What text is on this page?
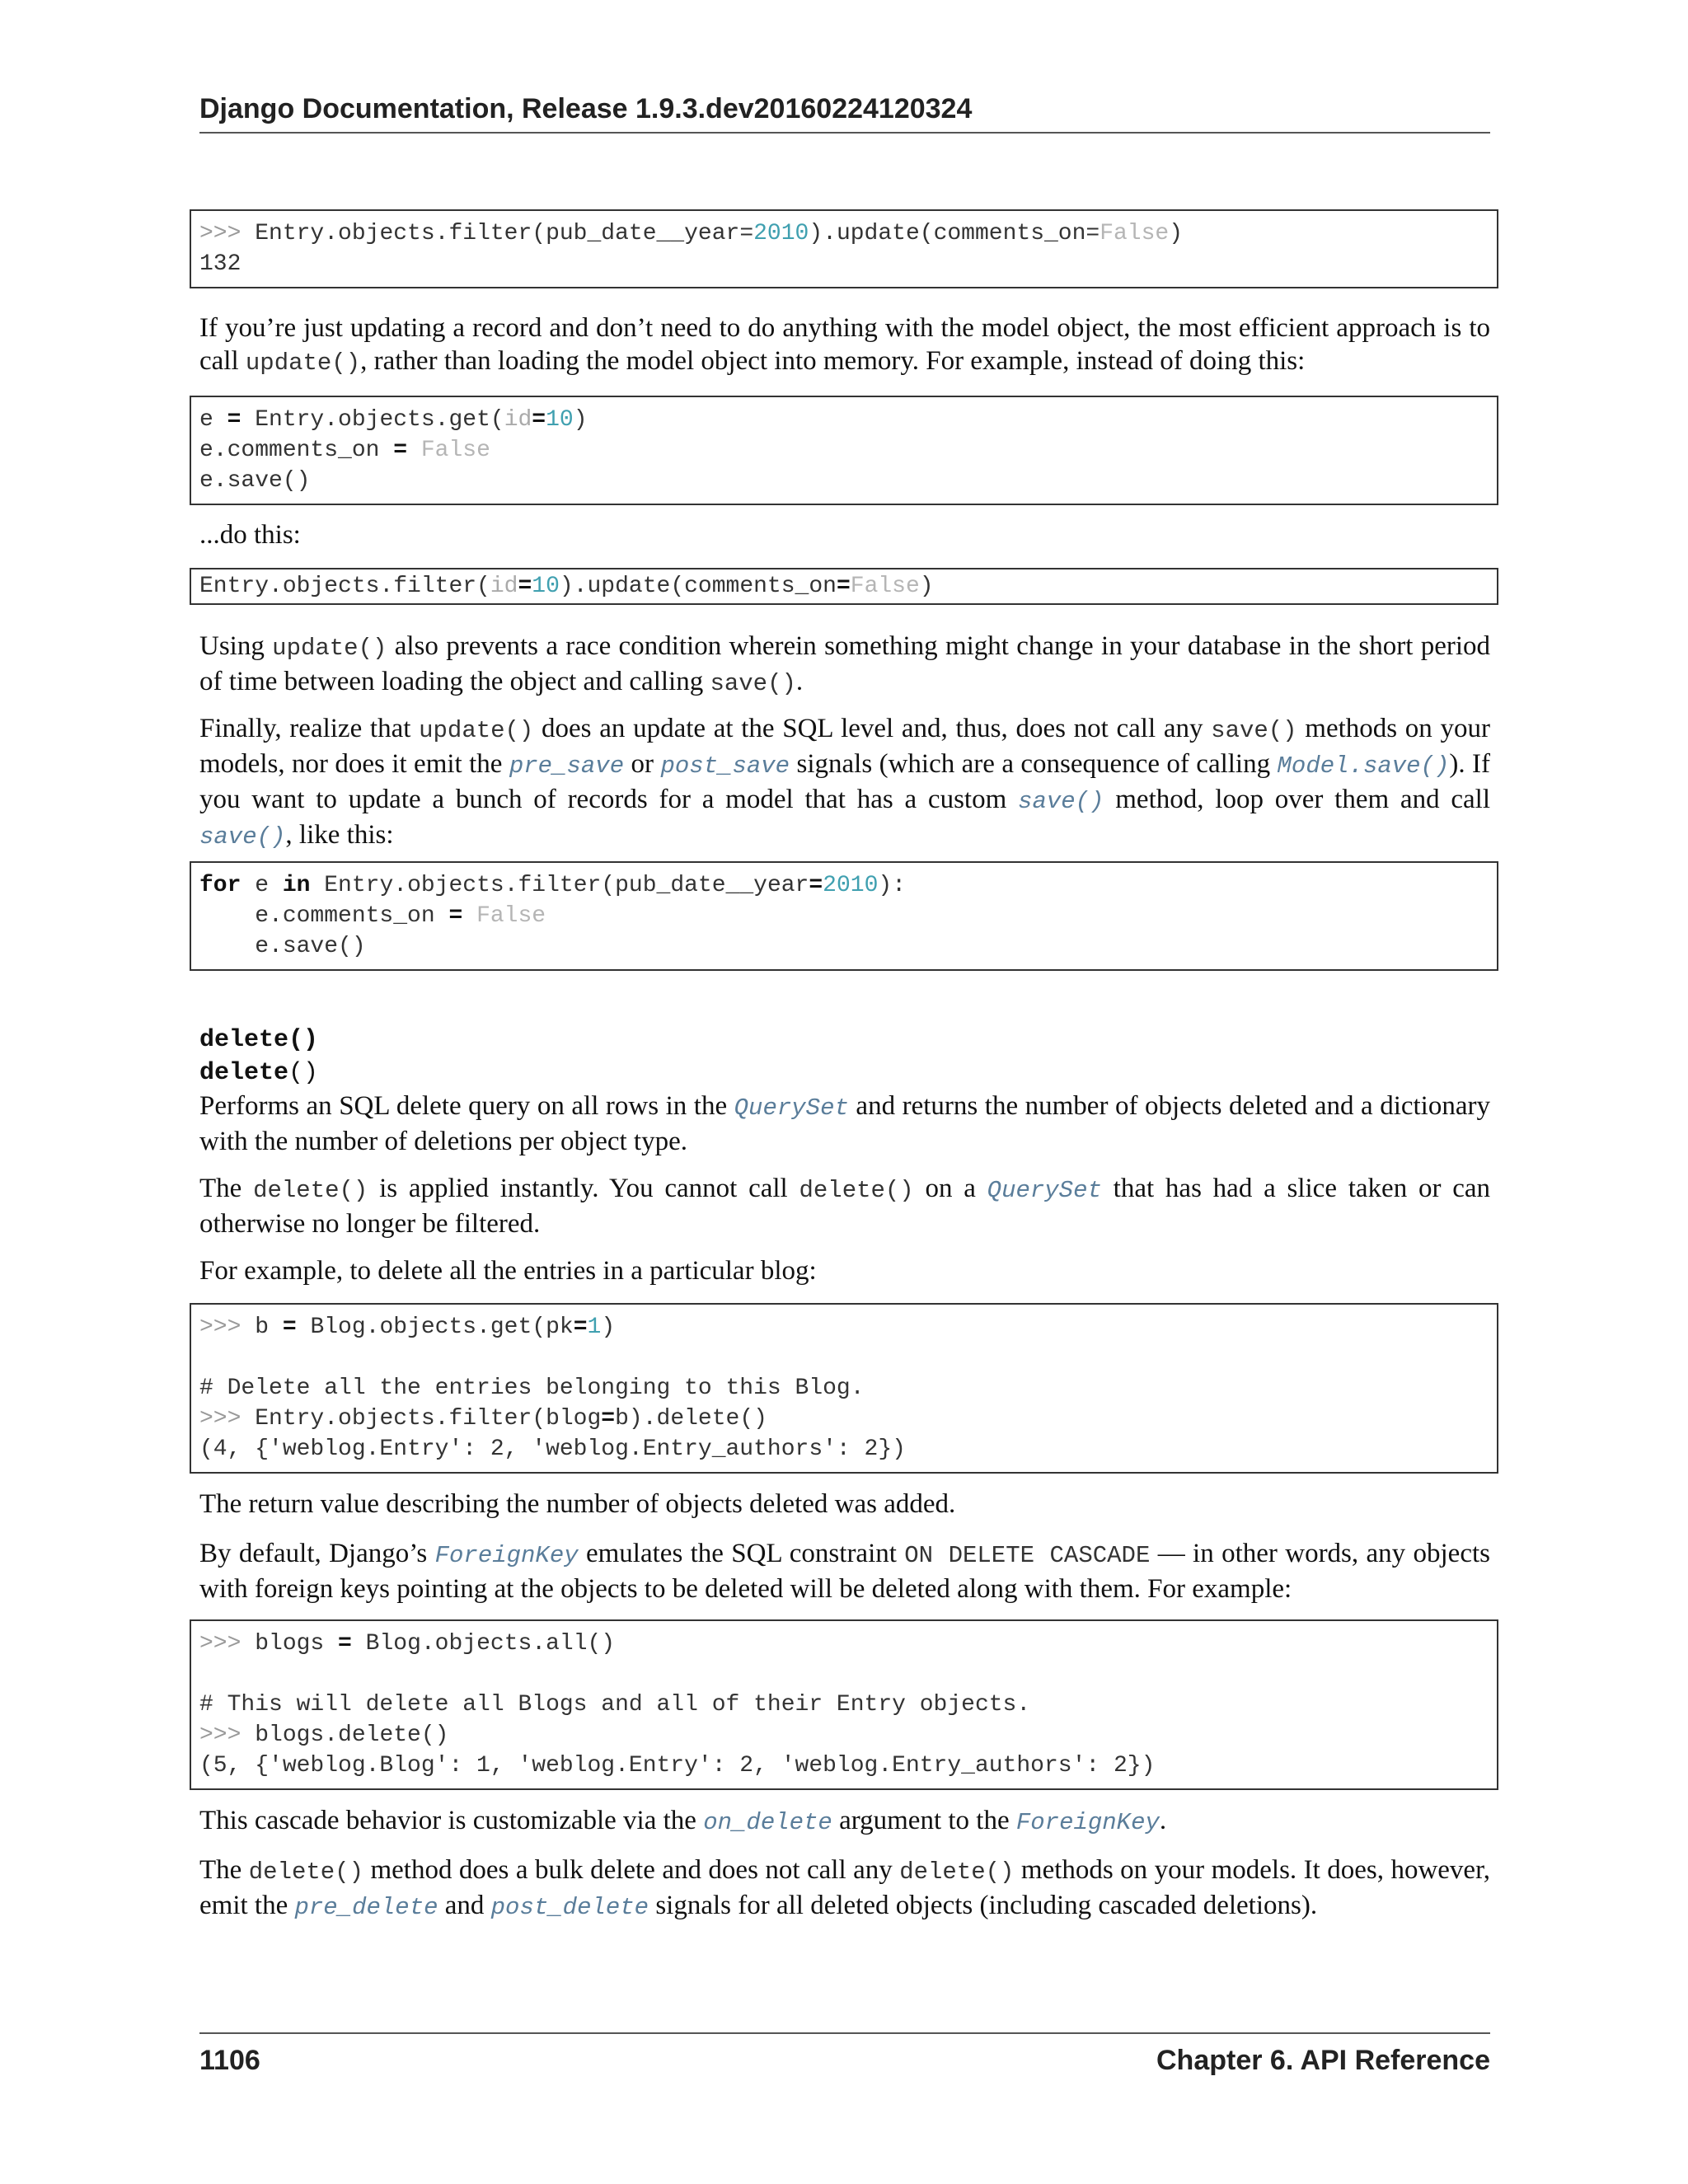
Django Documentation, Release 1.9.3.dev20160224120324
>>> Entry.objects.filter(pub_date__year=2010).update(comments_on=False)
132
If you’re just updating a record and don’t need to do anything with the model object, the most efficient approach is to call update(), rather than loading the model object into memory. For example, instead of doing this:
e = Entry.objects.get(id=10)
e.comments_on = False
e.save()
...do this:
Entry.objects.filter(id=10).update(comments_on=False)
Using update() also prevents a race condition wherein something might change in your database in the short period of time between loading the object and calling save().
Finally, realize that update() does an update at the SQL level and, thus, does not call any save() methods on your models, nor does it emit the pre_save or post_save signals (which are a consequence of calling Model.save()). If you want to update a bunch of records for a model that has a custom save() method, loop over them and call save(), like this:
for e in Entry.objects.filter(pub_date__year=2010):
e.comments_on = False
e.save()
delete()
delete()
Performs an SQL delete query on all rows in the QuerySet and returns the number of objects deleted and a dictionary with the number of deletions per object type.
The delete() is applied instantly. You cannot call delete() on a QuerySet that has had a slice taken or can otherwise no longer be filtered.
For example, to delete all the entries in a particular blog:
>>> b = Blog.objects.get(pk=1)
# Delete all the entries belonging to this Blog.
>>> Entry.objects.filter(blog=b).delete()
(4, {'weblog.Entry': 2, 'weblog.Entry_authors': 2})
The return value describing the number of objects deleted was added.
By default, Django’s ForeignKey emulates the SQL constraint ON DELETE CASCADE — in other words, any objects with foreign keys pointing at the objects to be deleted will be deleted along with them. For example:
>>> blogs = Blog.objects.all()
# This will delete all Blogs and all of their Entry objects.
>>> blogs.delete()
(5, {'weblog.Blog': 1, 'weblog.Entry': 2, 'weblog.Entry_authors': 2})
This cascade behavior is customizable via the on_delete argument to the ForeignKey.
The delete() method does a bulk delete and does not call any delete() methods on your models. It does, however, emit the pre_delete and post_delete signals for all deleted objects (including cascaded deletions).
1106	Chapter 6. API Reference
